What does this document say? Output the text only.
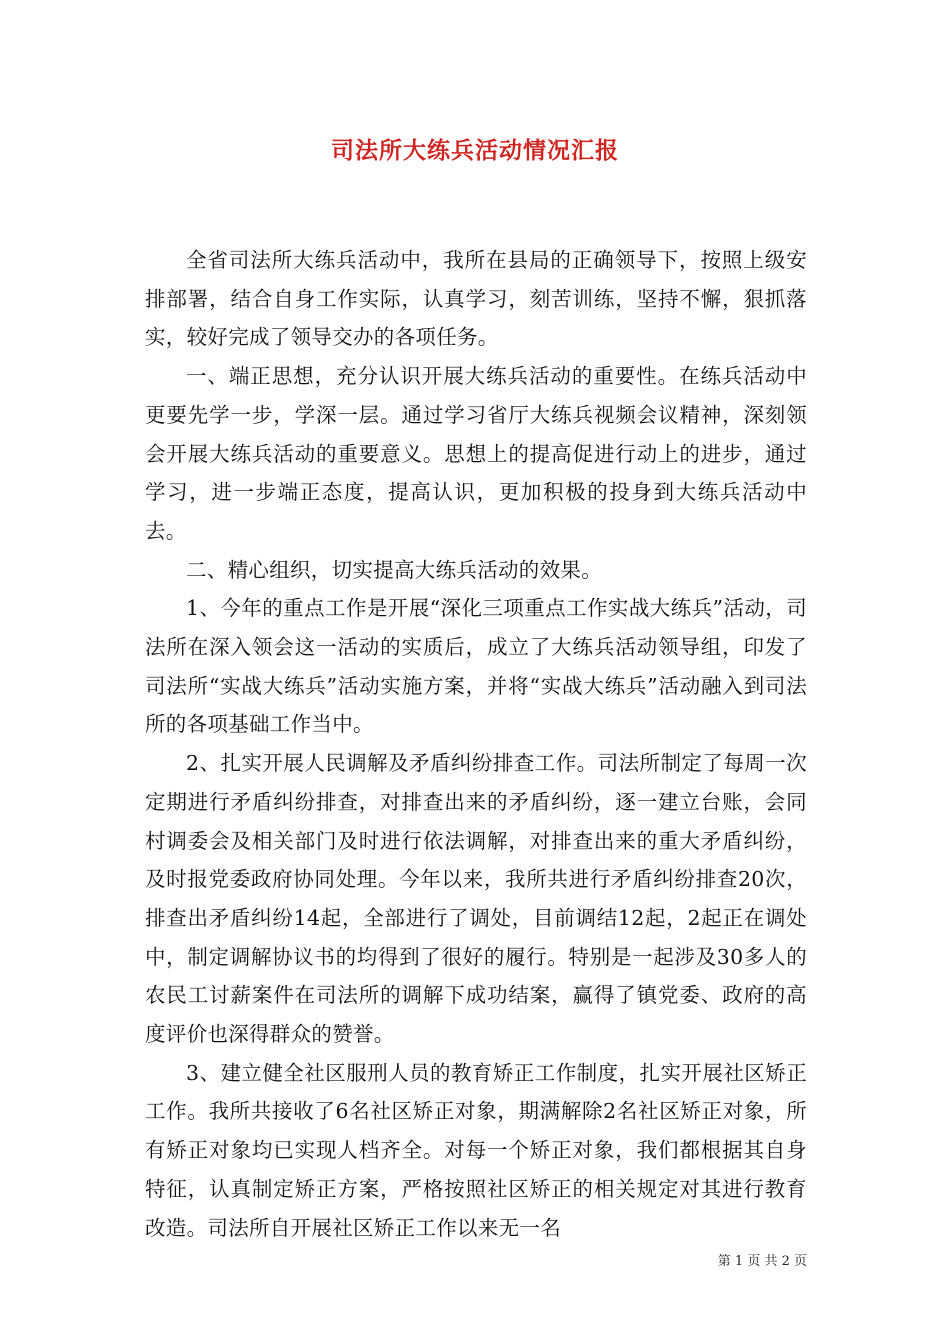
司法所大练兵活动情况汇报

全省司法所大练兵活动中，我所在县局的正确领导下，按照上级安排部署，结合自身工作实际，认真学习，刻苦训练，坚持不懈，狠抓落实，较好完成了领导交办的各项任务。

一、端正思想，充分认识开展大练兵活动的重要性。在练兵活动中更要先学一步，学深一层。通过学习省厅大练兵视频会议精神，深刻领会开展大练兵活动的重要意义。思想上的提高促进行动上的进步，通过学习，进一步端正态度，提高认识，更加积极的投身到大练兵活动中去。

二、精心组织，切实提高大练兵活动的效果。

1、今年的重点工作是开展“深化三项重点工作实战大练兵”活动，司法所在深入领会这一活动的实质后，成立了大练兵活动领导组，印发了司法所“实战大练兵”活动实施方案，并将“实战大练兵”活动融入到司法所的各项基础工作当中。

2、扎实开展人民调解及矛盾纠纷排查工作。司法所制定了每周一次定期进行矛盾纠纷排查，对排查出来的矛盾纠纷，逐一建立台账，会同村调委会及相关部门及时进行依法调解，对排查出来的重大矛盾纠纷，及时报党委政府协同处理。今年以来，我所共进行矛盾纠纷排查20次，排查出矛盾纠纷14起，全部进行了调处，目前调结12起，2起正在调处中，制定调解协议书的均得到了很好的履行。特别是一起涉及30多人的农民工讨薪案件在司法所的调解下成功结案，赢得了镇党委、政府的高度评价也深得群众的赞誉。

3、建立健全社区服刑人员的教育矫正工作制度，扎实开展社区矫正工作。我所共接收了6名社区矫正对象，期满解除2名社区矫正对象，所有矫正对象均已实现人档齐全。对每一个矫正对象，我们都根据其自身特征，认真制定矫正方案，严格按照社区矫正的相关规定对其进行教育改造。司法所自开展社区矫正工作以来无一名

第 1 页 共 2 页
